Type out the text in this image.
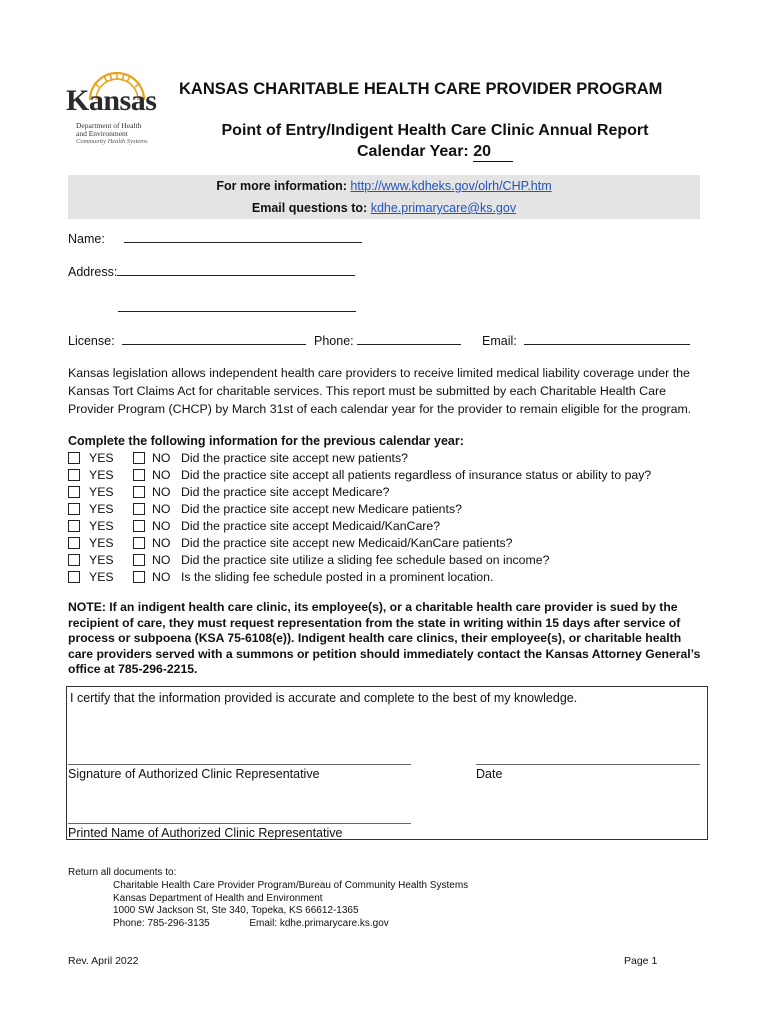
Kansas
Department of Health
and Environment
Community Health Systems
KANSAS CHARITABLE HEALTH CARE PROVIDER PROGRAM
Point of Entry/Indigent Health Care Clinic Annual Report
Calendar Year: 20
For more information: http://www.kdheks.gov/olrh/CHP.htm
Email questions to: kdhe.primarycare@ks.gov
Name:
Address:
License:	Phone:	Email:
Kansas legislation allows independent health care providers to receive limited medical liability coverage under the Kansas Tort Claims Act for charitable services. This report must be submitted by each Charitable Health Care Provider Program (CHCP) by March 31st of each calendar year for the provider to remain eligible for the program.
Complete the following information for the previous calendar year:
YES	NO Did the practice site accept new patients?
YES	NO Did the practice site accept all patients regardless of insurance status or ability to pay?
YES	NO Did the practice site accept Medicare?
YES	NO Did the practice site accept new Medicare patients?
YES	NO Did the practice site accept Medicaid/KanCare?
YES	NO Did the practice site accept new Medicaid/KanCare patients?
YES	NO Did the practice site utilize a sliding fee schedule based on income?
YES	NO Is the sliding fee schedule posted in a prominent location.
NOTE: If an indigent health care clinic, its employee(s), or a charitable health care provider is sued by the recipient of care, they must request representation from the state in writing within 15 days after service of process or subpoena (KSA 75-6108(e)). Indigent health care clinics, their employee(s), or charitable health care providers served with a summons or petition should immediately contact the Kansas Attorney General’s office at 785-296-2215.
I certify that the information provided is accurate and complete to the best of my knowledge.
Signature of Authorized Clinic Representative	Date
Printed Name of Authorized Clinic Representative
Return all documents to:
Charitable Health Care Provider Program/Bureau of Community Health Systems
Kansas Department of Health and Environment
1000 SW Jackson St, Ste 340, Topeka, KS 66612-1365
Phone: 785-296-3135	Email: kdhe.primarycare.ks.gov
Rev. April 2022	Page 1
